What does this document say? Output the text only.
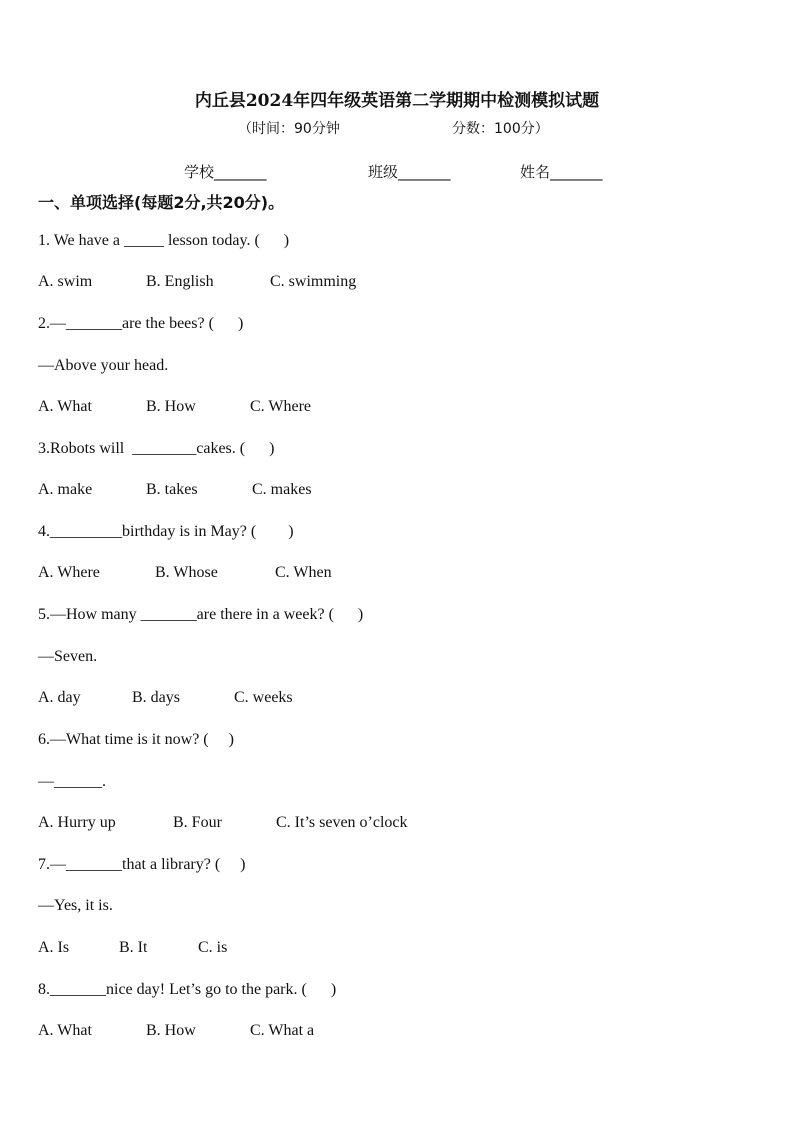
内丘县2024年四年级英语第二学期期中检测模拟试题
（时间：90分钟	分数：100分）
学校_______	班级_______	姓名_______
一、单项选择(每题2分,共20分)。
1. We have a _____ lesson today. (      )
A. swim	B. English	C. swimming
2.—_______are the bees? (      )
—Above your head.
A. What	B. How	C. Where
3.Robots will  ________cakes. (      )
A. make	B. takes	C. makes
4._________birthday is in May? (        )
A. Where	B. Whose	C. When
5.—How many _______are there in a week? (      )
—Seven.
A. day	B. days	C. weeks
6.—What time is it now? (     )
—______.
A. Hurry up	B. Four	C. It’s seven o’clock
7.—_______that a library? (     )
—Yes, it is.
A. Is	B. It	C. is
8._______nice day! Let’s go to the park. (      )
A. What	B. How	C. What a
